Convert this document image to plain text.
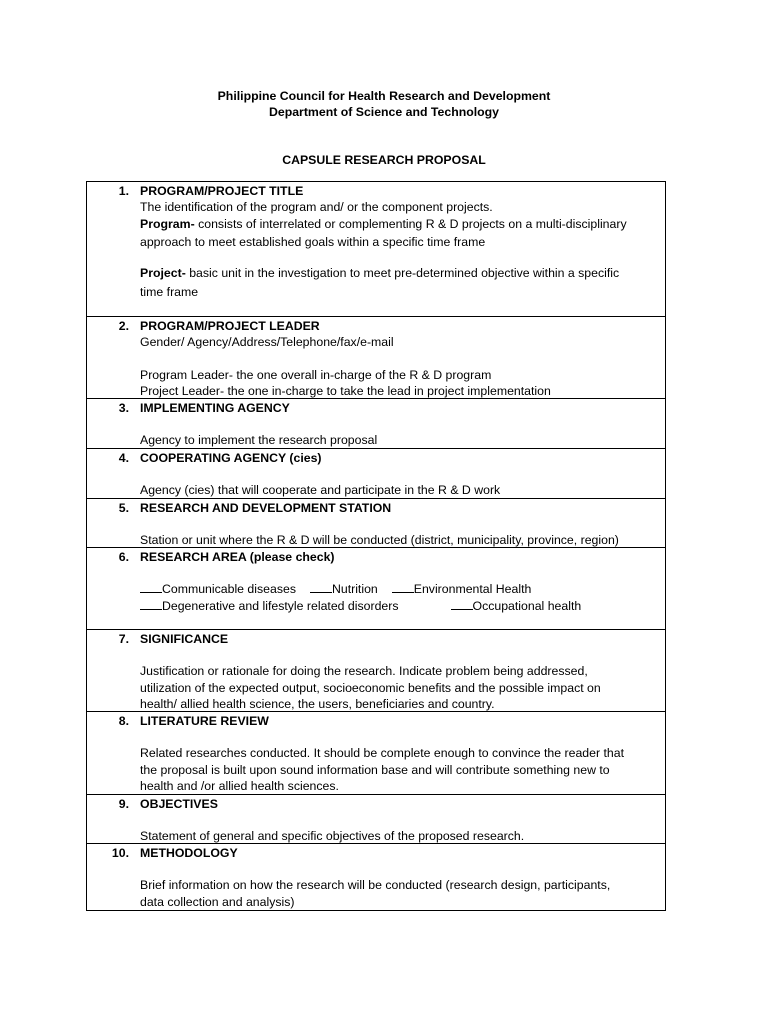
Philippine Council for Health Research and Development
Department of Science and Technology
CAPSULE RESEARCH PROPOSAL
1. PROGRAM/PROJECT TITLE
The identification of the program and/ or the component projects.
Program- consists of interrelated or complementing R & D projects on a multi-disciplinary
approach to meet established goals within a specific time frame
Project- basic unit in the investigation to meet pre-determined objective within a specific
time frame
2. PROGRAM/PROJECT LEADER
Gender/ Agency/Address/Telephone/fax/e-mail
Program Leader- the one overall in-charge of the R & D program
Project Leader- the one in-charge to take the lead in project implementation
3. IMPLEMENTING AGENCY
Agency to implement the research proposal
4. COOPERATING AGENCY (cies)
Agency (cies) that will cooperate and participate in the R & D work
5. RESEARCH AND DEVELOPMENT STATION
Station or unit where the R & D will be conducted (district, municipality, province, region)
6. RESEARCH AREA (please check)
Communicable diseases	Nutrition	Environmental Health
Degenerative and lifestyle related disorders	Occupational health
7. SIGNIFICANCE
Justification or rationale for doing the research. Indicate problem being addressed,
utilization of the expected output, socioeconomic benefits and the possible impact on
health/ allied health science, the users, beneficiaries and country.
8. LITERATURE REVIEW
Related researches conducted. It should be complete enough to convince the reader that
the proposal is built upon sound information base and will contribute something new to
health and /or allied health sciences.
9. OBJECTIVES
Statement of general and specific objectives of the proposed research.
10. METHODOLOGY
Brief information on how the research will be conducted (research design, participants,
data collection and analysis)
